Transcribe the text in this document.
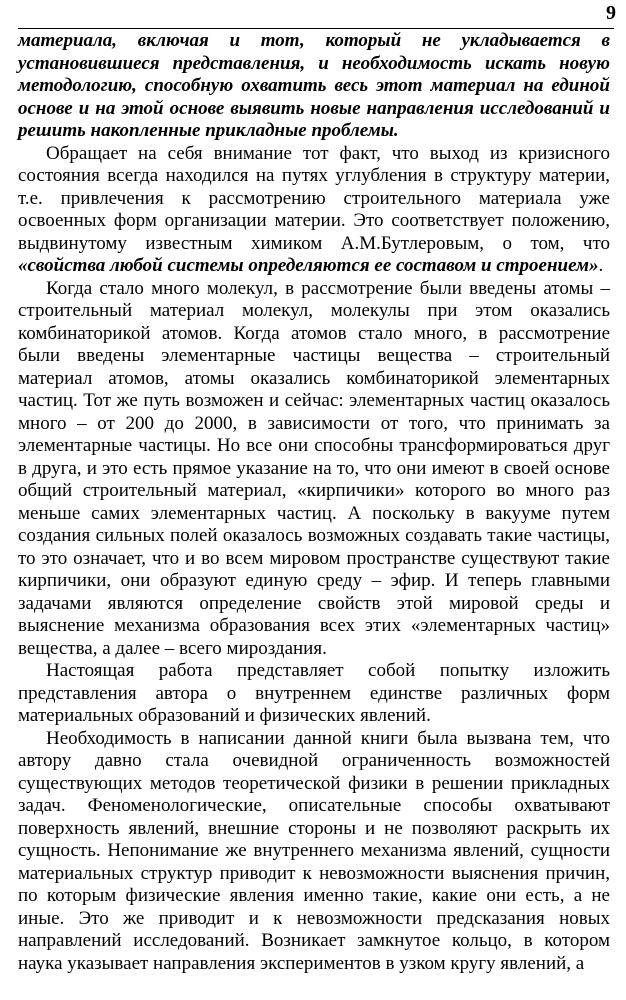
9

материала, включая и тот, который не укладывается в установившиеся представления, и необходимость искать новую методологию, способную охватить весь этот материал на единой основе и на этой основе выявить новые направления исследований и решить накопленные прикладные проблемы.

Обращает на себя внимание тот факт, что выход из кризисного состояния всегда находился на путях углубления в структуру материи, т.е. привлечения к рассмотрению строительного материала уже освоенных форм организации материи. Это соответствует положению, выдвинутому известным химиком А.М.Бутлеровым, о том, что «свойства любой системы определяются ее составом и строением».

Когда стало много молекул, в рассмотрение были введены атомы – строительный материал молекул, молекулы при этом оказались комбинаторикой атомов. Когда атомов стало много, в рассмотрение были введены элементарные частицы вещества – строительный материал атомов, атомы оказались комбинаторикой элементарных частиц. Тот же путь возможен и сейчас: элементарных частиц оказалось много – от 200 до 2000, в зависимости от того, что принимать за элементарные частицы. Но все они способны трансформироваться друг в друга, и это есть прямое указание на то, что они имеют в своей основе общий строительный материал, «кирпичики» которого во много раз меньше самих элементарных частиц. А поскольку в вакууме путем создания сильных полей оказалось возможных создавать такие частицы, то это означает, что и во всем мировом пространстве существуют такие кирпичики, они образуют единую среду – эфир. И теперь главными задачами являются определение свойств этой мировой среды и выяснение механизма образования всех этих «элементарных частиц» вещества, а далее – всего мироздания.

Настоящая работа представляет собой попытку изложить представления автора о внутреннем единстве различных форм материальных образований и физических явлений.

Необходимость в написании данной книги была вызвана тем, что автору давно стала очевидной ограниченность возможностей существующих методов теоретической физики в решении прикладных задач. Феноменологические, описательные способы охватывают поверхность явлений, внешние стороны и не позволяют раскрыть их сущность. Непонимание же внутреннего механизма явлений, сущности материальных структур приводит к невозможности выяснения причин, по которым физические явления именно такие, какие они есть, а не иные. Это же приводит и к невозможности предсказания новых направлений исследований. Возникает замкнутое кольцо, в котором наука указывает направления экспериментов в узком кругу явлений, а
